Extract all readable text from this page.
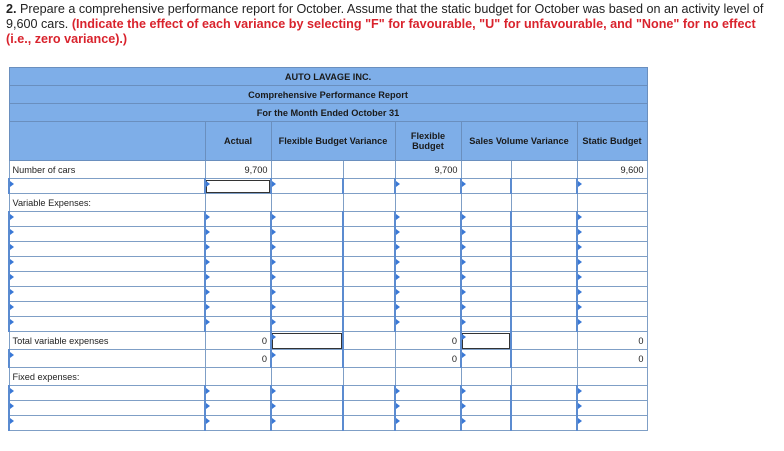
2. Prepare a comprehensive performance report for October. Assume that the static budget for October was based on an activity level of 9,600 cars. (Indicate the effect of each variance by selecting "F" for favourable, "U" for unfavourable, and "None" for no effect (i.e., zero variance).)
AUTO LAVAGE INC.							
Comprehensive Performance Report							
For the Month Ended October 31							
	Actual	Flexible Budget Variance		Flexible Budget	Sales Volume Variance		Static Budget
Number of cars	9,700			9,700			9,600

Variable Expenses:							

Total variable expenses	0			0			0
	0			0			0
Fixed expenses:							
